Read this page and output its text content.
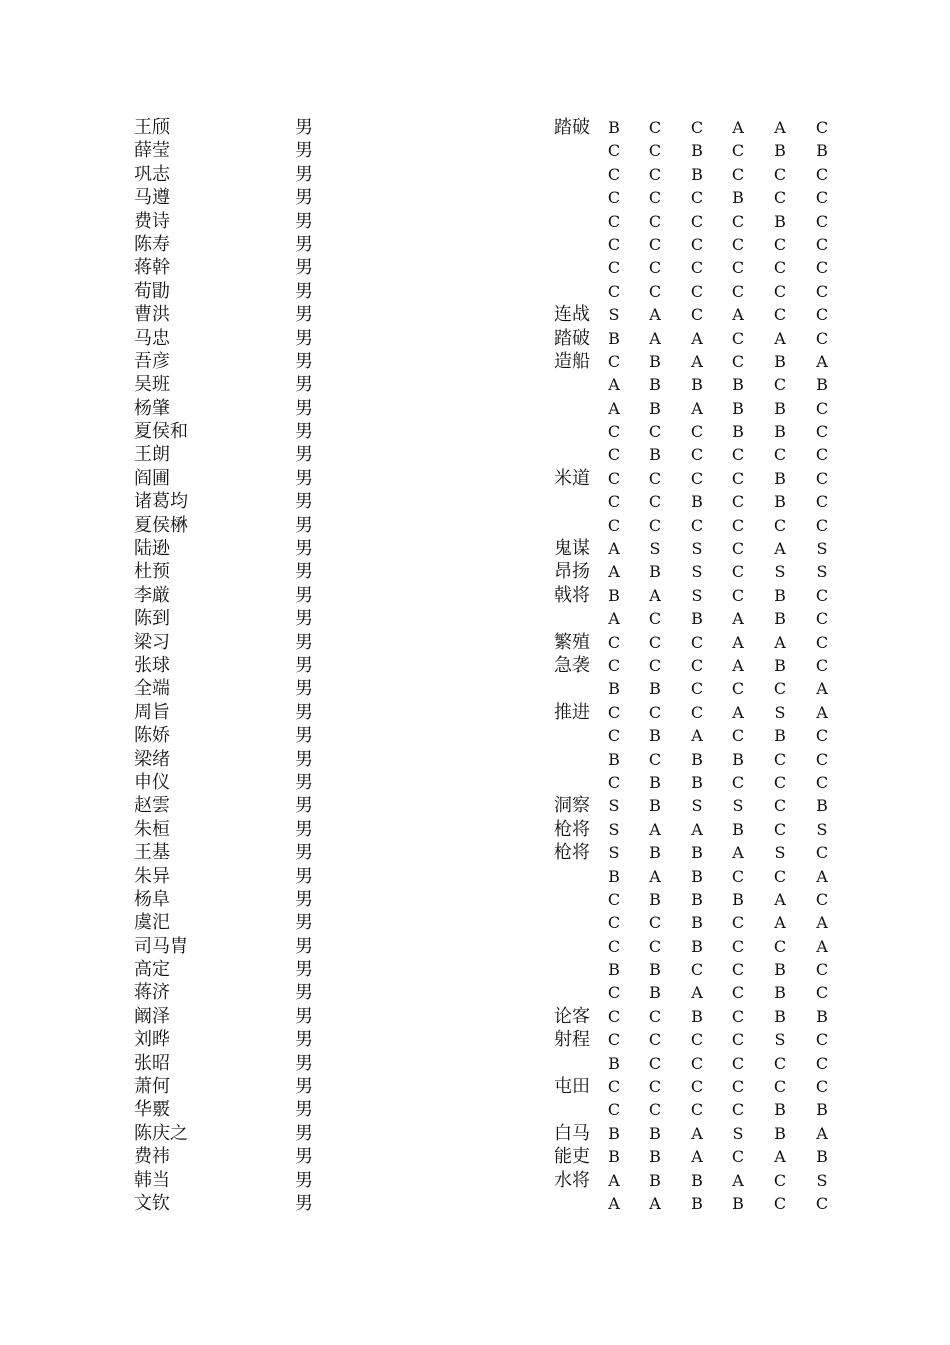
王颀	男	踏破 B C C A A C
薛莹	男	C C B C B B
巩志	男	C C B C C C
马遵	男	C C C B C C
费诗	男	C C C C B C
陈寿	男	C C C C C C
蒋幹	男	C C C C C C
荀勖	男	C C C C C C
曹洪	男	连战 S A C A C C
马忠	男	踏破 B A A C A C
吾彦	男	造船 C B A C B A
吴班	男	A B B B C B
杨肇	男	A B A B B C
夏侯和	男	C C C B B C
王朗	男	C B C C C C
阎圃	男	米道 C C C C B C
诸葛均	男	C C B C B C
夏侯楙	男	C C C C C C
陆逊	男	鬼谋 A S S C A S
杜预	男	昂扬 A B S C S S
李厳	男	戟将 B A S C B C
陈到	男	A C B A B C
梁习	男	繁殖 C C C A A C
张球	男	急袭 C C C A B C
全端	男	B B C C C A
周旨	男	推进 C C C A S A
陈娇	男	C B A C B C
梁绪	男	B C B B C C
申仪	男	C B B C C C
赵雲	男	洞察 S B S S C B
朱桓	男	枪将 S A A B C S
王基	男	枪将 S B B A S C
朱异	男	B A B C C A
杨阜	男	C B B B A C
虞汜	男	C C B C A A
司马胄	男	C C B C C A
高定	男	B B C C B C
蒋济	男	C B A C B C
阚泽	男	论客 C C B C B B
刘晔	男	射程 C C C C S C
张昭	男	B C C C C C
萧何	男	屯田 C C C C C C
华覈	男	C C C C B B
陈庆之	男	白马 B B A S B A
费祎	男	能吏 B B A C A B
韩当	男	水将 A B B A C S
文钦	男	A A B B C C
